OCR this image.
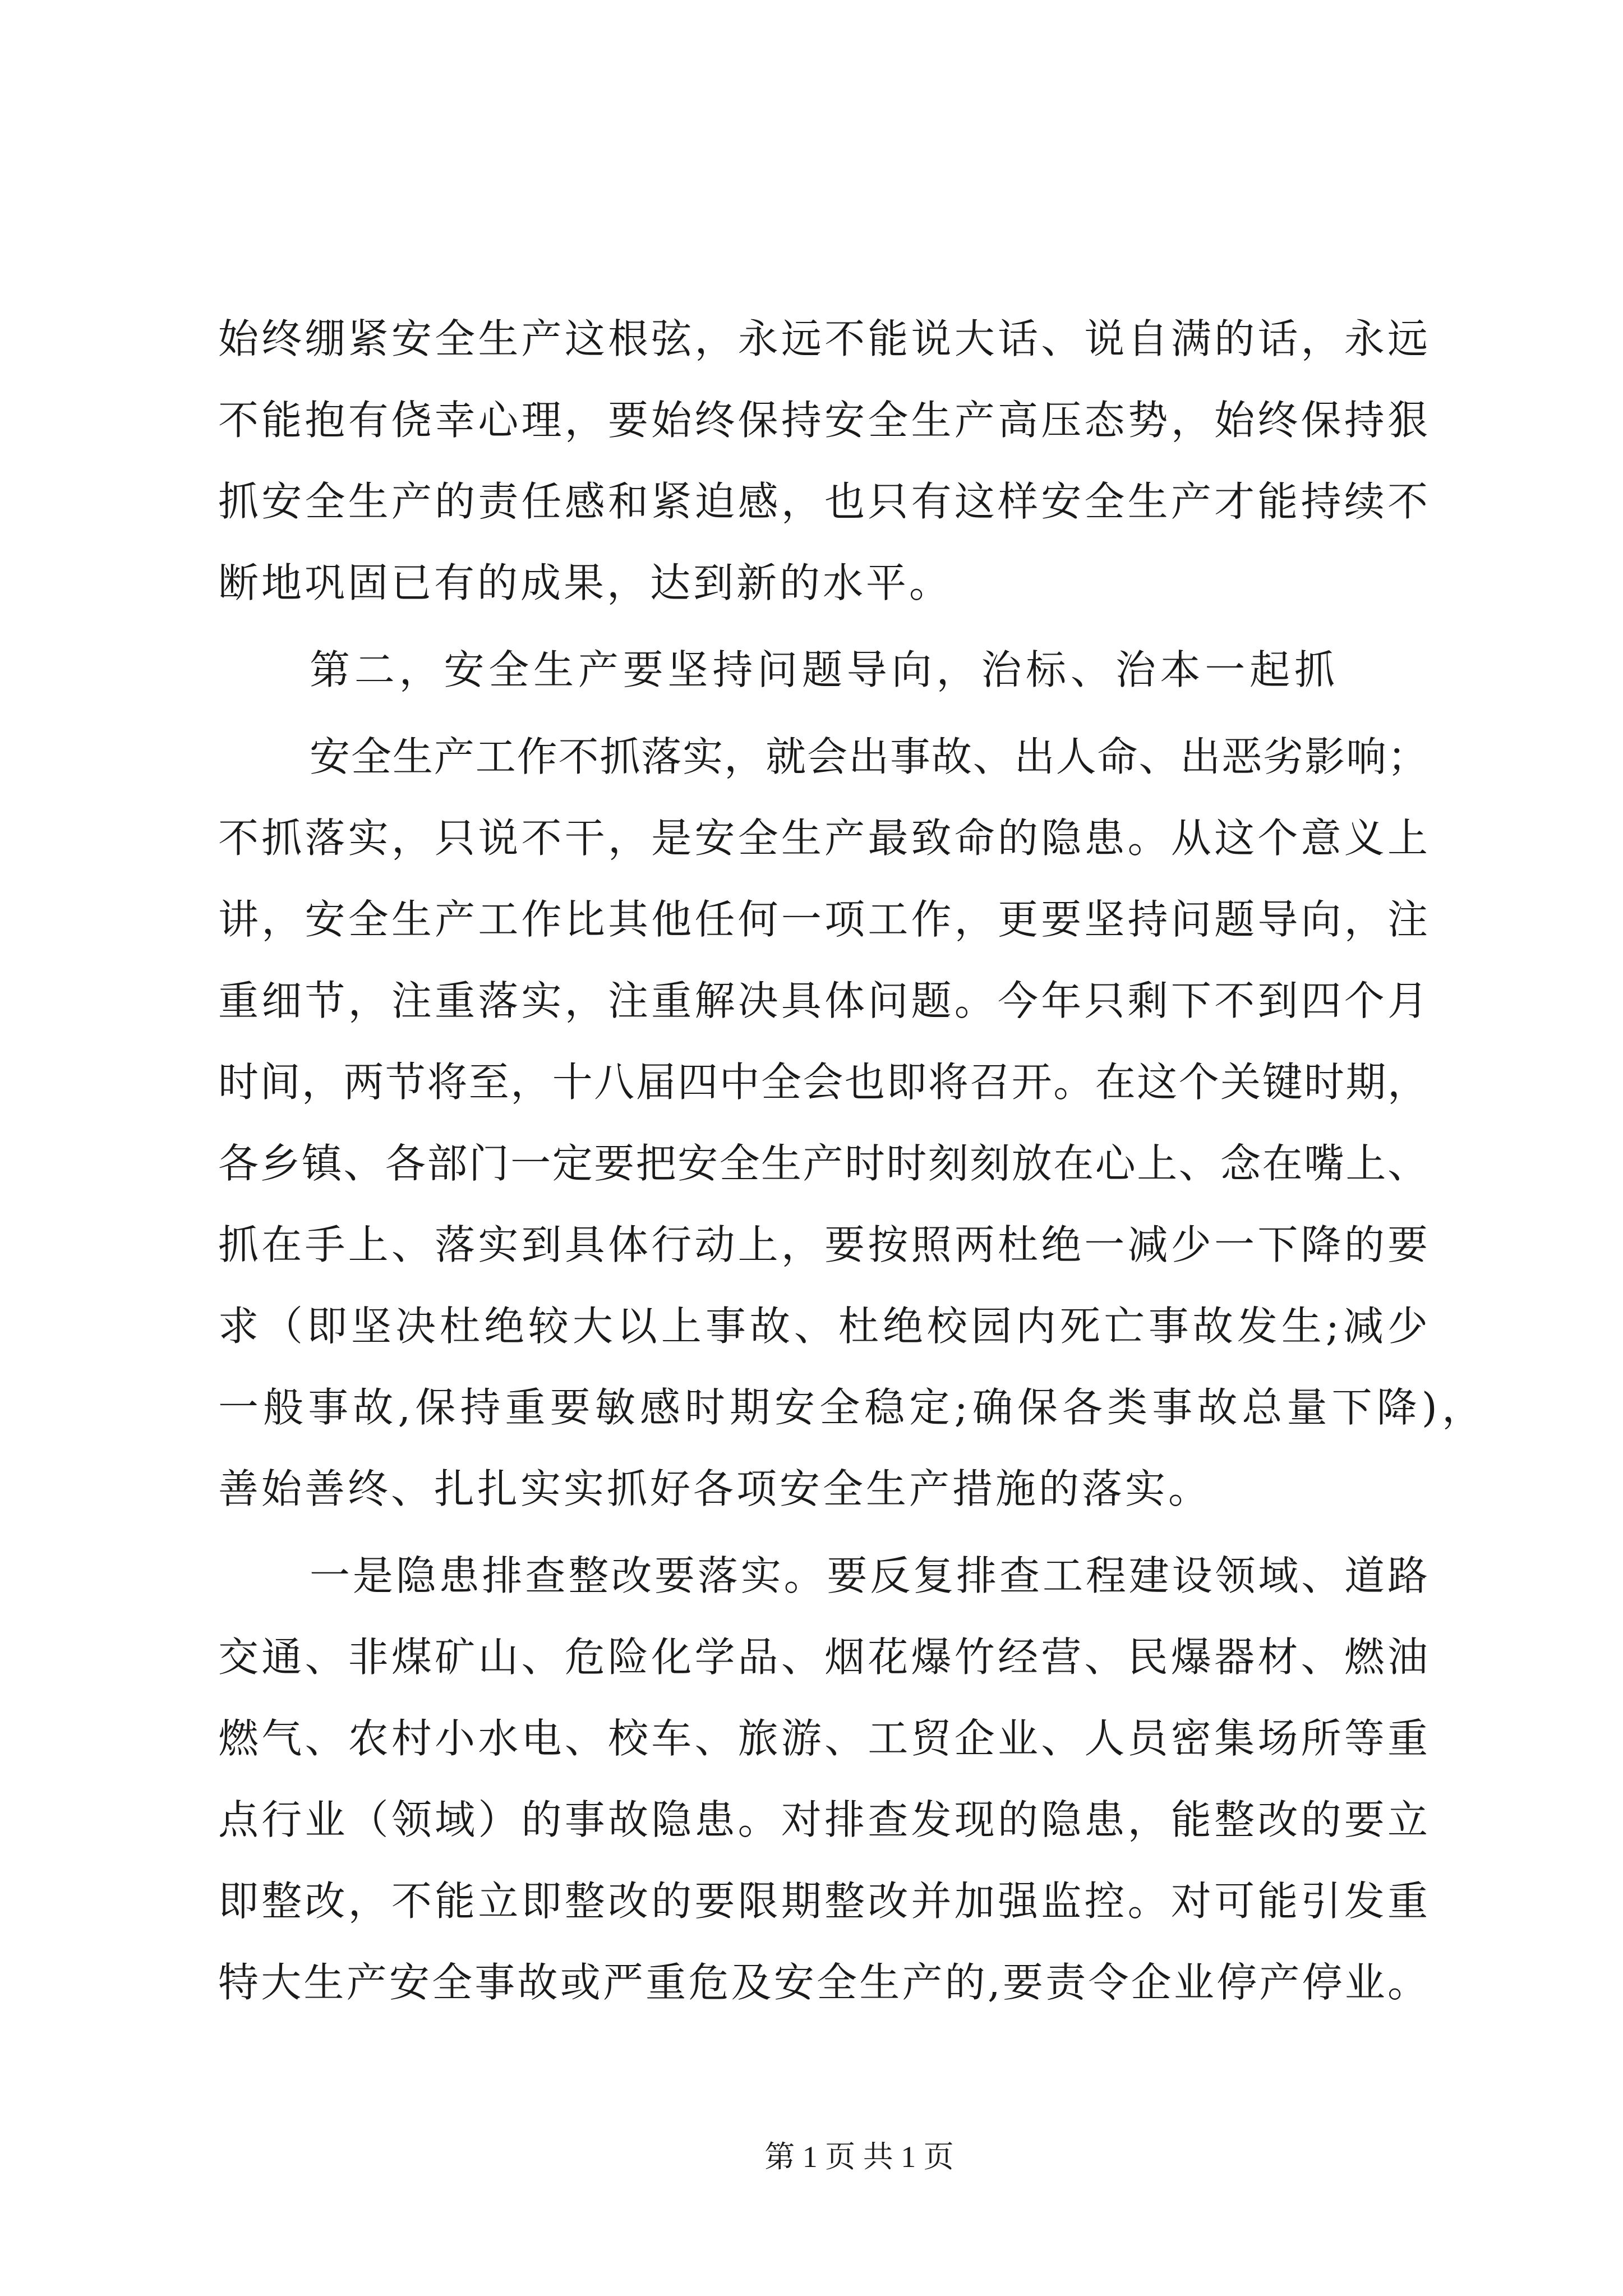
始终绷紧安全生产这根弦，永远不能说大话、说自满的话，永远
不能抱有侥幸心理，要始终保持安全生产高压态势，始终保持狠
抓安全生产的责任感和紧迫感，也只有这样安全生产才能持续不
断地巩固已有的成果，达到新的水平。
第二，安全生产要坚持问题导向，治标、治本一起抓
安全生产工作不抓落实，就会出事故、出人命、出恶劣影响；
不抓落实，只说不干，是安全生产最致命的隐患。从这个意义上
讲，安全生产工作比其他任何一项工作，更要坚持问题导向，注
重细节，注重落实，注重解决具体问题。今年只剩下不到四个月
时间，两节将至，十八届四中全会也即将召开。在这个关键时期，
各乡镇、各部门一定要把安全生产时时刻刻放在心上、念在嘴上、
抓在手上、落实到具体行动上，要按照两杜绝一减少一下降的要
求（即坚决杜绝较大以上事故、杜绝校园内死亡事故发生;减少
一般事故,保持重要敏感时期安全稳定;确保各类事故总量下降)，
善始善终、扎扎实实抓好各项安全生产措施的落实。
一是隐患排查整改要落实。要反复排查工程建设领域、道路
交通、非煤矿山、危险化学品、烟花爆竹经营、民爆器材、燃油
燃气、农村小水电、校车、旅游、工贸企业、人员密集场所等重
点行业（领域）的事故隐患。对排查发现的隐患，能整改的要立
即整改，不能立即整改的要限期整改并加强监控。对可能引发重
特大生产安全事故或严重危及安全生产的,要责令企业停产停业。
第 1 页 共 1 页
